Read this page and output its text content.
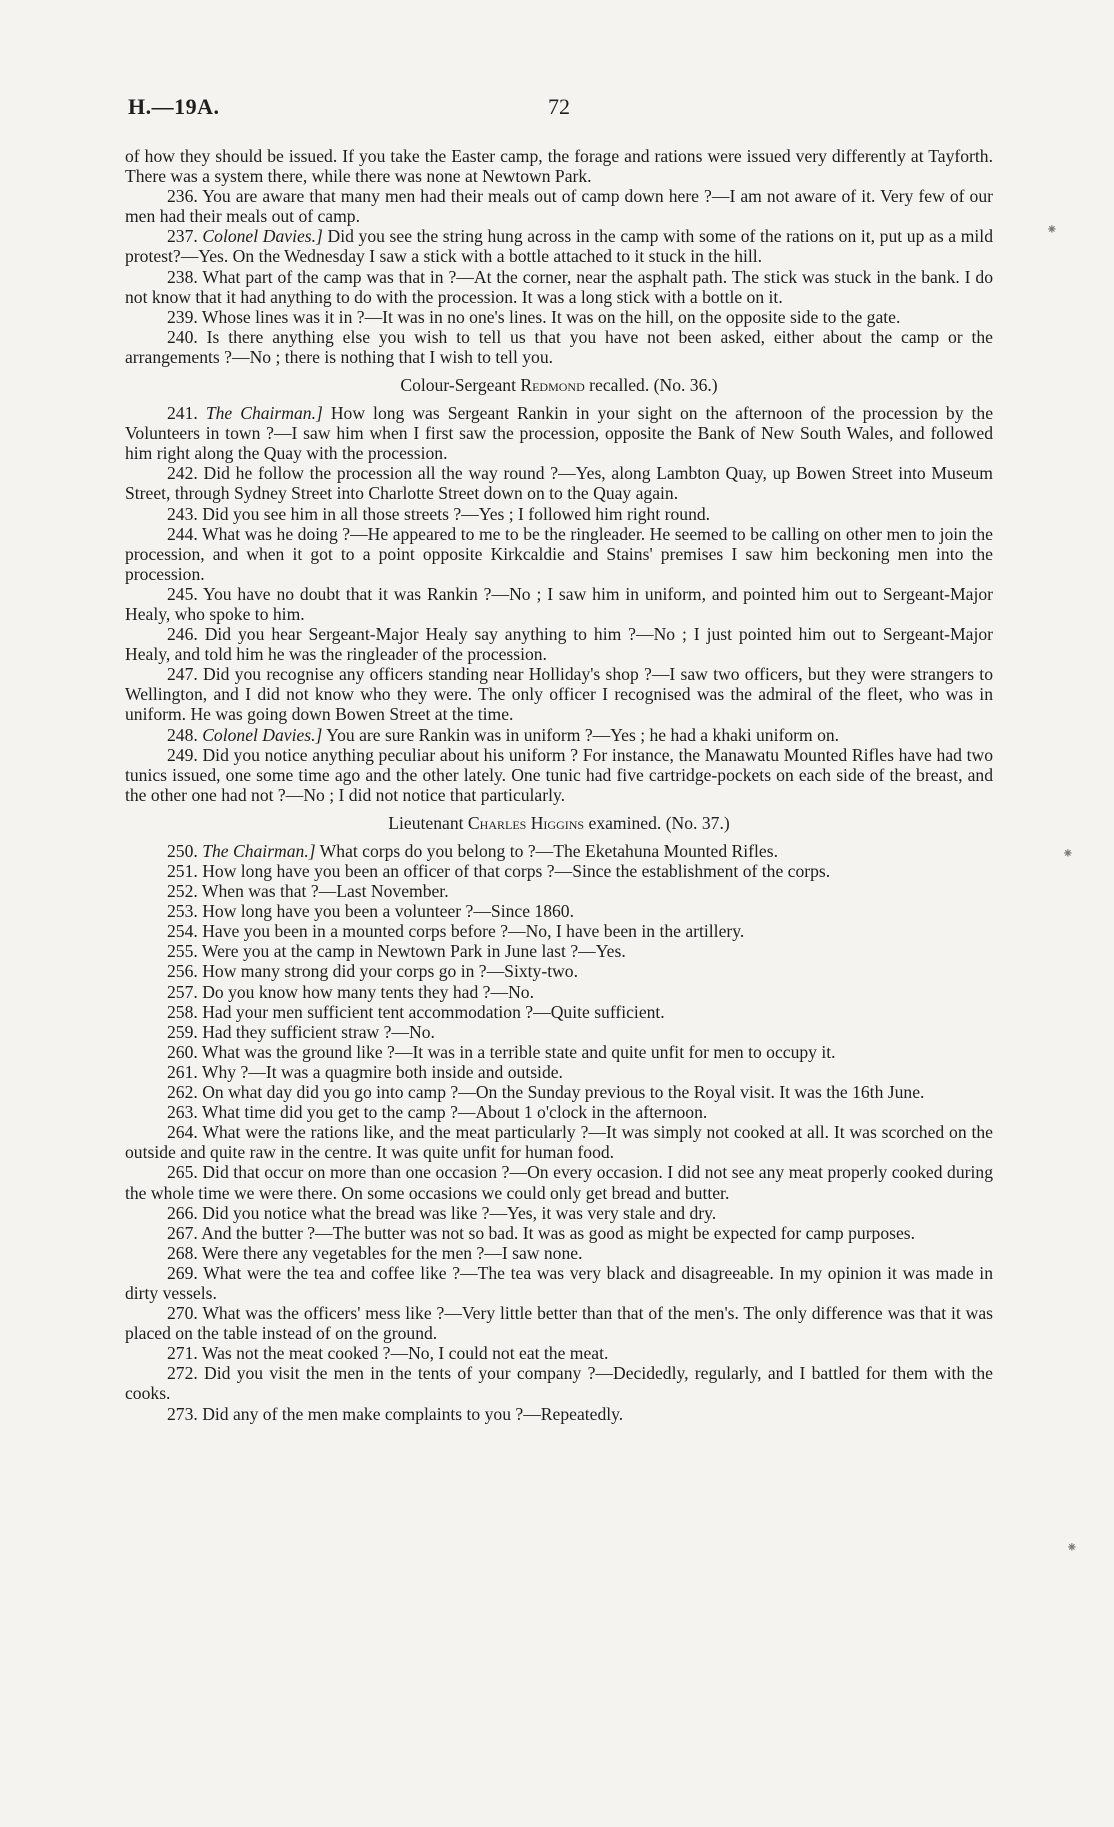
H.—19A.	72

of how they should be issued. If you take the Easter camp, the forage and rations were issued very differently at Tayforth. There was a system there, while there was none at Newtown Park.

236. You are aware that many men had their meals out of camp down here ?—I am not aware of it. Very few of our men had their meals out of camp.

237. Colonel Davies.] Did you see the string hung across in the camp with some of the rations on it, put up as a mild protest?—Yes. On the Wednesday I saw a stick with a bottle attached to it stuck in the hill.

238. What part of the camp was that in ?—At the corner, near the asphalt path. The stick was stuck in the bank. I do not know that it had anything to do with the procession. It was a long stick with a bottle on it.

239. Whose lines was it in ?—It was in no one's lines. It was on the hill, on the opposite side to the gate.

240. Is there anything else you wish to tell us that you have not been asked, either about the camp or the arrangements ?—No ; there is nothing that I wish to tell you.

Colour-Sergeant Redmond recalled. (No. 36.)

241. The Chairman.] How long was Sergeant Rankin in your sight on the afternoon of the procession by the Volunteers in town ?—I saw him when I first saw the procession, opposite the Bank of New South Wales, and followed him right along the Quay with the procession.

242. Did he follow the procession all the way round ?—Yes, along Lambton Quay, up Bowen Street into Museum Street, through Sydney Street into Charlotte Street down on to the Quay again.

243. Did you see him in all those streets ?—Yes ; I followed him right round.

244. What was he doing ?—He appeared to me to be the ringleader. He seemed to be calling on other men to join the procession, and when it got to a point opposite Kirkcaldie and Stains' premises I saw him beckoning men into the procession.

245. You have no doubt that it was Rankin ?—No ; I saw him in uniform, and pointed him out to Sergeant-Major Healy, who spoke to him.

246. Did you hear Sergeant-Major Healy say anything to him ?—No ; I just pointed him out to Sergeant-Major Healy, and told him he was the ringleader of the procession.

247. Did you recognise any officers standing near Holliday's shop ?—I saw two officers, but they were strangers to Wellington, and I did not know who they were. The only officer I recognised was the admiral of the fleet, who was in uniform. He was going down Bowen Street at the time.

248. Colonel Davies.] You are sure Rankin was in uniform ?—Yes ; he had a khaki uniform on.

249. Did you notice anything peculiar about his uniform ? For instance, the Manawatu Mounted Rifles have had two tunics issued, one some time ago and the other lately. One tunic had five cartridge-pockets on each side of the breast, and the other one had not ?—No ; I did not notice that particularly.

Lieutenant Charles Higgins examined. (No. 37.)

250. The Chairman.] What corps do you belong to ?—The Eketahuna Mounted Rifles.

251. How long have you been an officer of that corps ?—Since the establishment of the corps.

252. When was that ?—Last November.

253. How long have you been a volunteer ?—Since 1860.

254. Have you been in a mounted corps before ?—No, I have been in the artillery.

255. Were you at the camp in Newtown Park in June last ?—Yes.

256. How many strong did your corps go in ?—Sixty-two.

257. Do you know how many tents they had ?—No.

258. Had your men sufficient tent accommodation ?—Quite sufficient.

259. Had they sufficient straw ?—No.

260. What was the ground like ?—It was in a terrible state and quite unfit for men to occupy it.

261. Why ?—It was a quagmire both inside and outside.

262. On what day did you go into camp ?—On the Sunday previous to the Royal visit. It was the 16th June.

263. What time did you get to the camp ?—About 1 o'clock in the afternoon.

264. What were the rations like, and the meat particularly ?—It was simply not cooked at all. It was scorched on the outside and quite raw in the centre. It was quite unfit for human food.

265. Did that occur on more than one occasion ?—On every occasion. I did not see any meat properly cooked during the whole time we were there. On some occasions we could only get bread and butter.

266. Did you notice what the bread was like ?—Yes, it was very stale and dry.

267. And the butter ?—The butter was not so bad. It was as good as might be expected for camp purposes.

268. Were there any vegetables for the men ?—I saw none.

269. What were the tea and coffee like ?—The tea was very black and disagreeable. In my opinion it was made in dirty vessels.

270. What was the officers' mess like ?—Very little better than that of the men's. The only difference was that it was placed on the table instead of on the ground.

271. Was not the meat cooked ?—No, I could not eat the meat.

272. Did you visit the men in the tents of your company ?—Decidedly, regularly, and I battled for them with the cooks.

273. Did any of the men make complaints to you ?—Repeatedly.

⁕
⁕
⁕
